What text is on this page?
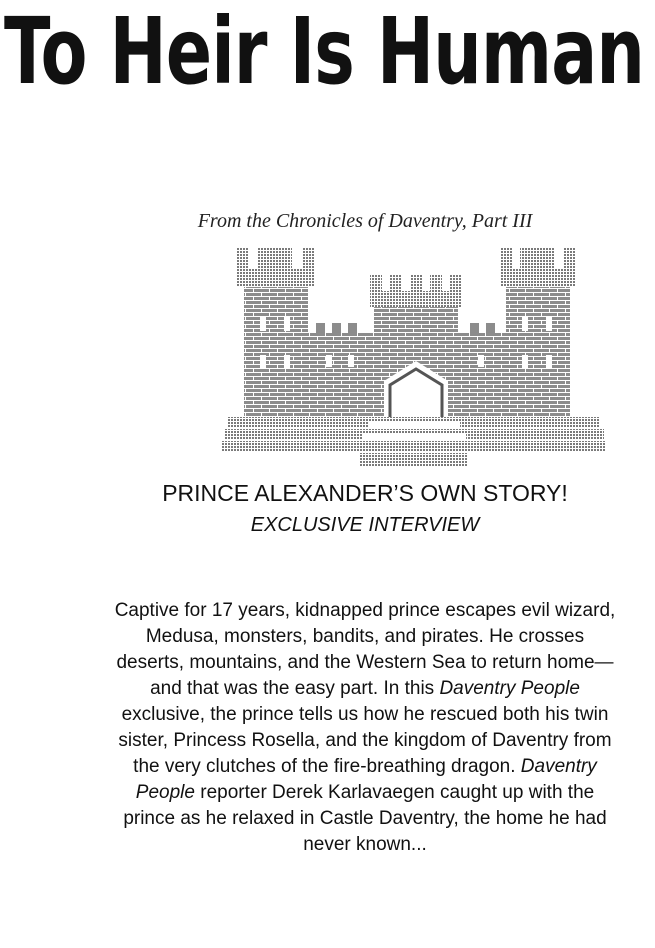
To Heir Is Human
From the Chronicles of Daventry, Part III
PRINCE ALEXANDER’S OWN STORY!
EXCLUSIVE INTERVIEW

Captive for 17 years, kidnapped prince escapes evil wizard, Medusa, monsters, bandits, and pirates. He crosses deserts, mountains, and the Western Sea to return home—and that was the easy part. In this Daventry People exclusive, the prince tells us how he rescued both his twin sister, Princess Rosella, and the kingdom of Daventry from the very clutches of the fire-breathing dragon. Daventry People reporter Derek Karlavaegen caught up with the prince as he relaxed in Castle Daventry, the home he had never known...
